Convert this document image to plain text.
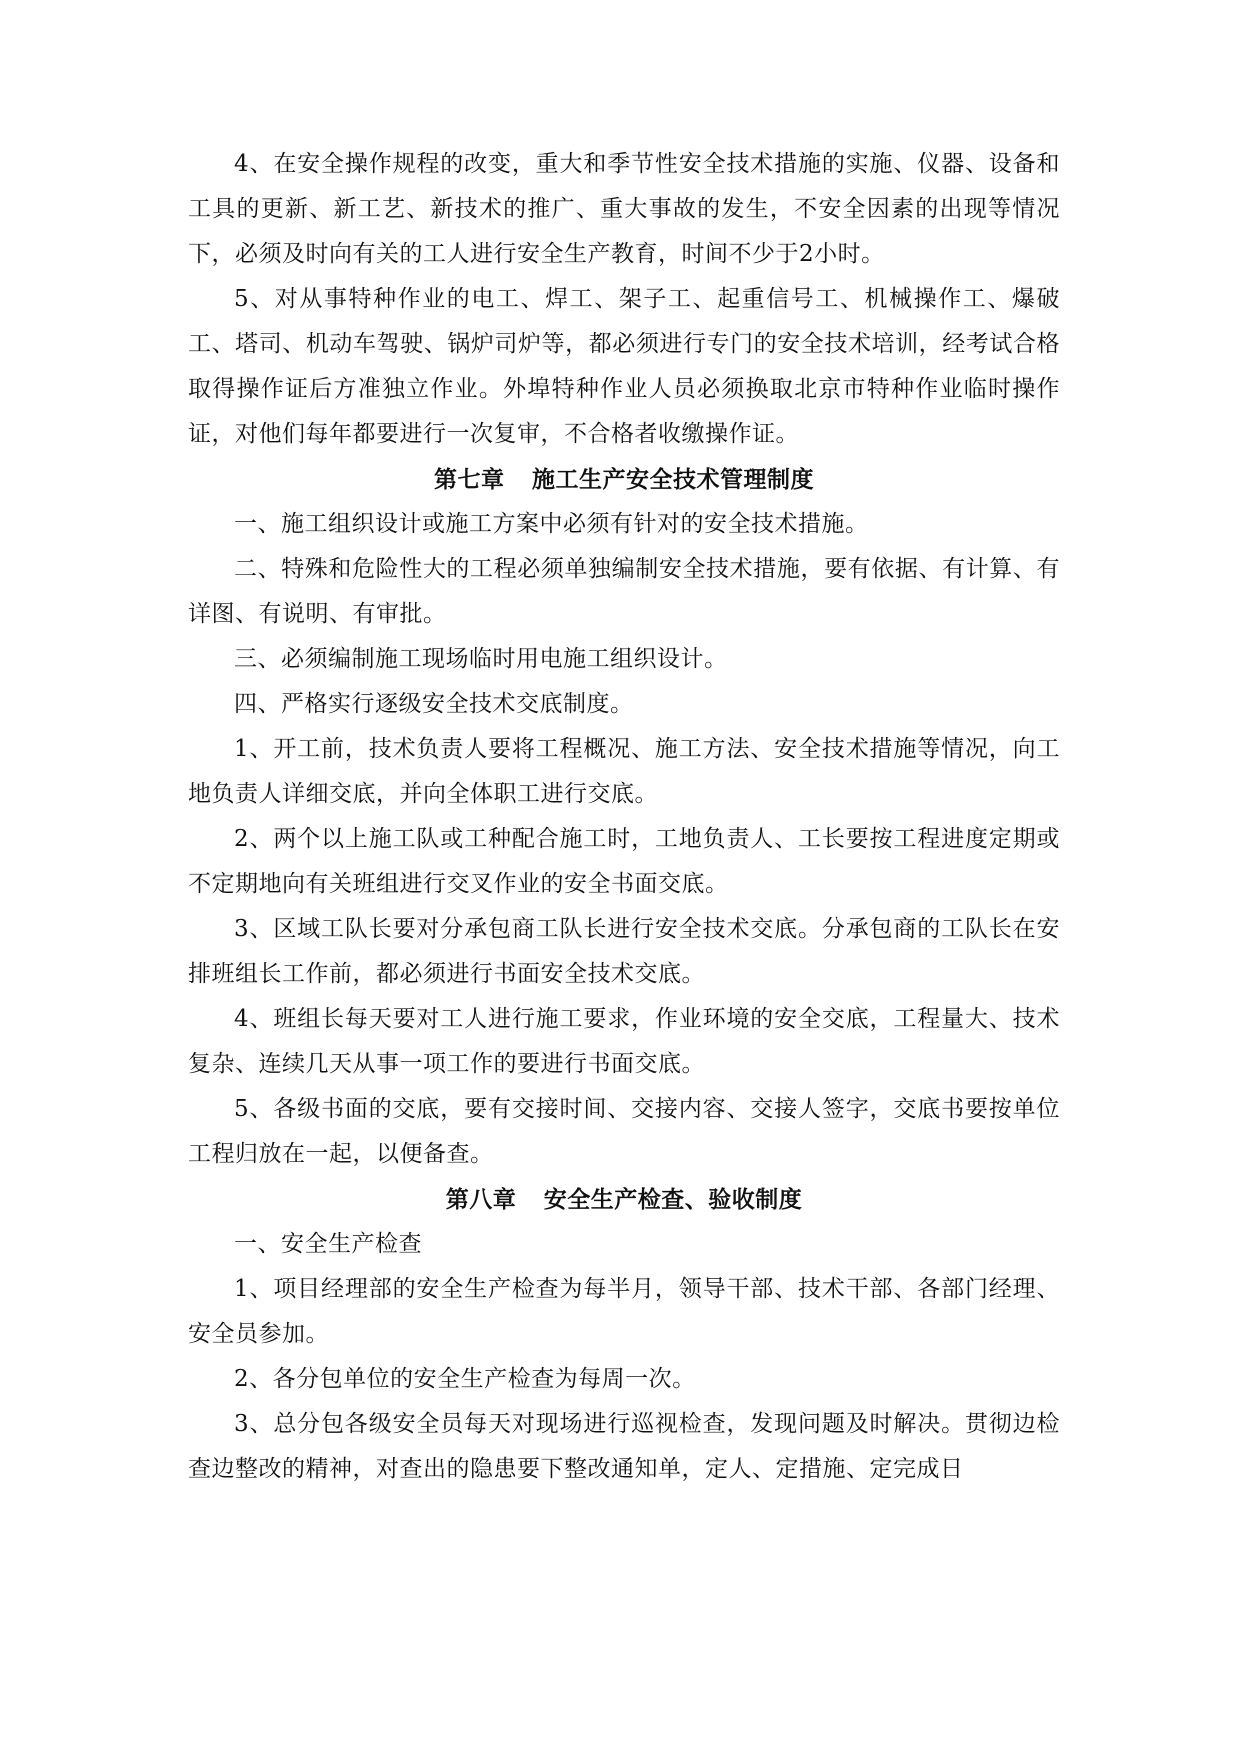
4、在安全操作规程的改变，重大和季节性安全技术措施的实施、仪器、设备和工具的更新、新工艺、新技术的推广、重大事故的发生，不安全因素的出现等情况下，必须及时向有关的工人进行安全生产教育，时间不少于2小时。

5、对从事特种作业的电工、焊工、架子工、起重信号工、机械操作工、爆破工、塔司、机动车驾驶、锅炉司炉等，都必须进行专门的安全技术培训，经考试合格取得操作证后方准独立作业。外埠特种作业人员必须换取北京市特种作业临时操作证，对他们每年都要进行一次复审，不合格者收缴操作证。

第七章 施工生产安全技术管理制度

一、施工组织设计或施工方案中必须有针对的安全技术措施。

二、特殊和危险性大的工程必须单独编制安全技术措施，要有依据、有计算、有详图、有说明、有审批。

三、必须编制施工现场临时用电施工组织设计。

四、严格实行逐级安全技术交底制度。

1、开工前，技术负责人要将工程概况、施工方法、安全技术措施等情况，向工地负责人详细交底，并向全体职工进行交底。

2、两个以上施工队或工种配合施工时，工地负责人、工长要按工程进度定期或不定期地向有关班组进行交叉作业的安全书面交底。

3、区域工队长要对分承包商工队长进行安全技术交底。分承包商的工队长在安排班组长工作前，都必须进行书面安全技术交底。

4、班组长每天要对工人进行施工要求，作业环境的安全交底，工程量大、技术复杂、连续几天从事一项工作的要进行书面交底。

5、各级书面的交底，要有交接时间、交接内容、交接人签字，交底书要按单位工程归放在一起，以便备查。

第八章 安全生产检查、验收制度

一、安全生产检查

1、项目经理部的安全生产检查为每半月，领导干部、技术干部、各部门经理、安全员参加。

2、各分包单位的安全生产检查为每周一次。

3、总分包各级安全员每天对现场进行巡视检查，发现问题及时解决。贯彻边检查边整改的精神，对查出的隐患要下整改通知单，定人、定措施、定完成日
